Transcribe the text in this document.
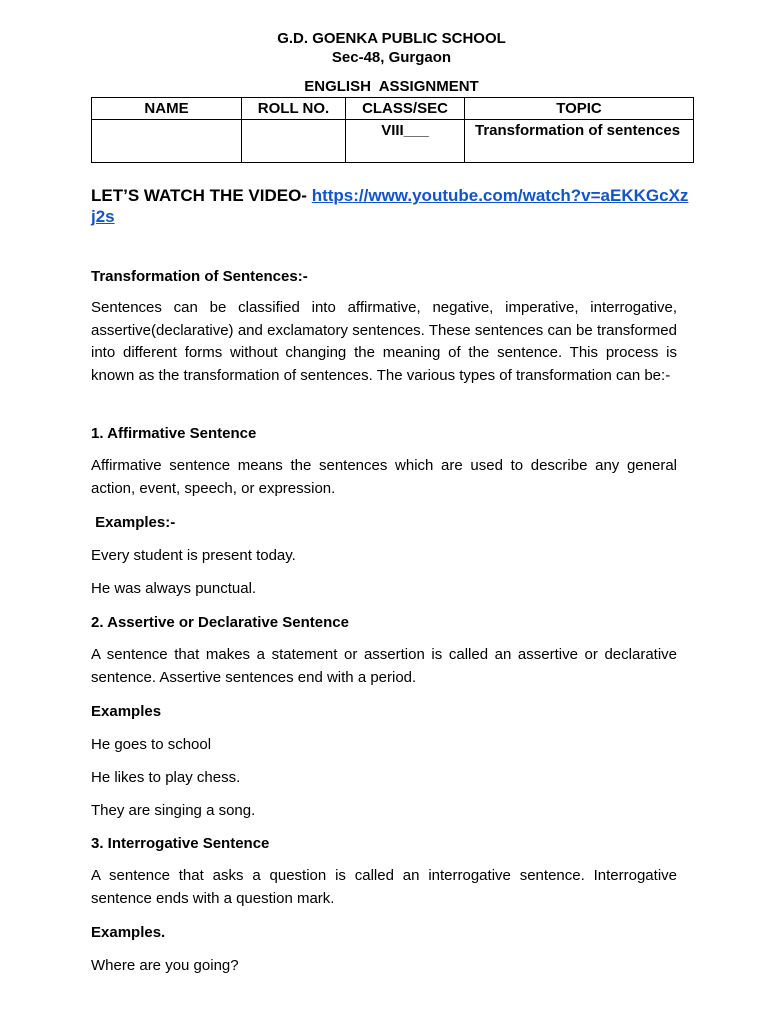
G.D. GOENKA PUBLIC SCHOOL
Sec-48, Gurgaon
ENGLISH  ASSIGNMENT
NAME	ROLL NO.	CLASS/SEC	TOPIC
		VIII___	Transformation of sentences
LET’S WATCH THE VIDEO- https://www.youtube.com/watch?v=aEKKGcXzj2s
Transformation of Sentences:-
Sentences can be classified into affirmative, negative, imperative, interrogative, assertive(declarative) and exclamatory sentences. These sentences can be transformed into different forms without changing the meaning of the sentence. This process is known as the transformation of sentences. The various types of transformation can be:-
1. Affirmative Sentence
Affirmative sentence means the sentences which are used to describe any general action, event, speech, or expression.
Examples:-
Every student is present today.
He was always punctual.
2. Assertive or Declarative Sentence
A sentence that makes a statement or assertion is called an assertive or declarative sentence. Assertive sentences end with a period.
Examples
He goes to school
He likes to play chess.
They are singing a song.
3. Interrogative Sentence
A sentence that asks a question is called an interrogative sentence. Interrogative sentence ends with a question mark.
Examples.
Where are you going?
